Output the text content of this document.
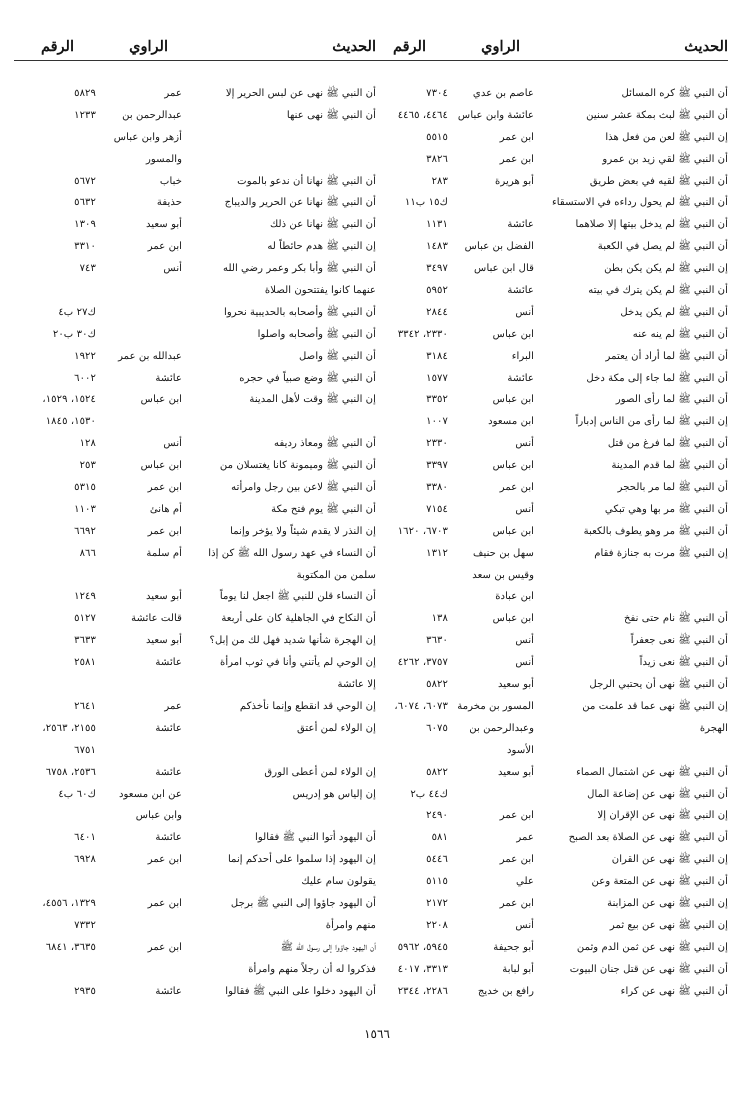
الحديث
الراوي
الرقم
أن النبي ﷺ كره المسائل
عاصم بن عدي
٧٣٠٤
أن النبي ﷺ لبث بمكة عشر سنين
عائشة وابن عباس
٤٤٦٤، ٤٤٦٥
إن النبي ﷺ لعن من فعل هذا
ابن عمر
٥٥١٥
أن النبي ﷺ لقي زيد بن عمرو
ابن عمر
٣٨٢٦
أن النبي ﷺ لقيه في بعض طريق
أبو هريرة
٢٨٣
أن النبي ﷺ لم يحول رداءه في الاستسقاء
ك١٥ ب١١
أن النبي ﷺ لم يدخل بيتها إلا صلاهما
عائشة
١١٣١
أن النبي ﷺ لم يصل في الكعبة
الفضل بن عباس
١٤٨٣
إن النبي ﷺ لم يكن يكن بطن
قال ابن عباس
٣٤٩٧
أن النبي ﷺ لم يكن يترك في بيته
عائشة
٥٩٥٢
أن النبي ﷺ لم يكن يدخل
أنس
٢٨٤٤
أن النبي ﷺ لم ينه عنه
ابن عباس
٢٣٣٠، ٣٣٤٢
أن النبي ﷺ لما أراد أن يعتمر
البراء
٣١٨٤
أن النبي ﷺ لما جاء إلى مكة دخل
عائشة
١٥٧٧
أن النبي ﷺ لما رأى الصور
ابن عباس
٣٣٥٢
إن النبي ﷺ لما رأى من الناس إدباراً
ابن مسعود
١٠٠٧
أن النبي ﷺ لما فرغ من قتل
أنس
٢٣٣٠
أن النبي ﷺ لما قدم المدينة
ابن عباس
٣٣٩٧
أن النبي ﷺ لما مر بالحجر
ابن عمر
٣٣٨٠
أن النبي ﷺ مر بها وهي تبكي
أنس
٧١٥٤
أن النبي ﷺ مر وهو يطوف بالكعبة
ابن عباس
٦٧٠٣، ١٦٢٠
إن النبي ﷺ مرت به جنازة فقام
سهل بن حنيف
١٣١٢
وقيس بن سعد
ابن عبادة
أن النبي ﷺ نام حتى نفخ
ابن عباس
١٣٨
أن النبي ﷺ نعى جعفراً
أنس
٣٦٣٠
أن النبي ﷺ نعى زيداً
أنس
٣٧٥٧، ٤٢٦٢
أن النبي ﷺ نهى أن يحتبي الرجل
أبو سعيد
٥٨٢٢
إن النبي ﷺ نهى عما قد علمت من
المسور بن مخرمة
٦٠٧٣، ٦٠٧٤،
الهجرة
وعبدالرحمن بن
٦٠٧٥
الأسود
أن النبي ﷺ نهى عن اشتمال الصماء
أبو سعيد
٥٨٢٢
أن النبي ﷺ نهى عن إضاعة المال
ك٤٤ ب٢
إن النبي ﷺ نهى عن الإقران إلا
ابن عمر
٢٤٩٠
أن النبي ﷺ نهى عن الصلاة بعد الصبح
عمر
٥٨١
إن النبي ﷺ نهى عن القران
ابن عمر
٥٤٤٦
أن النبي ﷺ نهى عن المتعة وعن
علي
٥١١٥
إن النبي ﷺ نهى عن المزابنة
ابن عمر
٢١٧٢
إن النبي ﷺ نهى عن بيع ثمر
أنس
٢٢٠٨
إن النبي ﷺ نهى عن ثمن الدم وثمن
أبو جحيفة
٥٩٤٥، ٥٩٦٢
أن النبي ﷺ نهى عن قتل جنان البيوت
أبو لبابة
٣٣١٣، ٤٠١٧
أن النبي ﷺ نهى عن كراء
رافع بن خديج
٢٢٨٦، ٢٣٤٤
الحديث
الراوي
الرقم
أن النبي ﷺ نهى عن لبس الحرير إلا
عمر
٥٨٢٩
أن النبي ﷺ نهى عنها
عبدالرحمن بن
١٢٣٣
أزهر وابن عباس
والمسور
أن النبي ﷺ نهانا أن ندعو بالموت
خباب
٥٦٧٢
أن النبي ﷺ نهانا عن الحرير والديباج
حذيفة
٥٦٣٢
أن النبي ﷺ نهانا عن ذلك
أبو سعيد
١٣٠٩
إن النبي ﷺ هدم حائطاً له
ابن عمر
٣٣١٠
أن النبي ﷺ وأبا بكر وعمر رضي الله
أنس
٧٤٣
عنهما كانوا يفتتحون الصلاة
أن النبي ﷺ وأصحابه بالحديبية نحروا
ك٢٧ ب٤
أن النبي ﷺ وأصحابه واصلوا
ك٣٠ ب٢٠
أن النبي ﷺ واصل
عبدالله بن عمر
١٩٢٢
أن النبي ﷺ وضع صبياً في حجره
عائشة
٦٠٠٢
إن النبي ﷺ وقت لأهل المدينة
ابن عباس
١٥٢٤، ١٥٢٩،
١٥٣٠، ١٨٤٥
أن النبي ﷺ ومعاذ رديفه
أنس
١٢٨
أن النبي ﷺ وميمونة كانا يغتسلان من
ابن عباس
٢٥٣
أن النبي ﷺ لاعن بين رجل وامرأته
ابن عمر
٥٣١٥
أن النبي ﷺ يوم فتح مكة
أم هانئ
١١٠٣
إن النذر لا يقدم شيئاً ولا يؤخر وإنما
ابن عمر
٦٦٩٢
أن النساء في عهد رسول الله ﷺ كن إذا
أم سلمة
٨٦٦
سلمن من المكتوبة
أن النساء قلن للنبي ﷺ اجعل لنا يوماً
أبو سعيد
١٢٤٩
أن النكاح في الجاهلية كان على أربعة
قالت عائشة
٥١٢٧
إن الهجرة شأنها شديد فهل لك من إبل؟
أبو سعيد
٣٦٣٣
إن الوحي لم يأتني وأنا في ثوب امرأة
عائشة
٢٥٨١
إلا عائشة
إن الوحي قد انقطع وإنما نأخذكم
عمر
٢٦٤١
إن الولاء لمن أعتق
عائشة
٢١٥٥، ٢٥٦٣،
٦٧٥١
إن الولاء لمن أعطى الورق
عائشة
٢٥٣٦، ٦٧٥٨
إن إلياس هو إدريس
عن ابن مسعود
ك٦٠ ب٤
وابن عباس
أن اليهود أتوا النبي ﷺ فقالوا
عائشة
٦٤٠١
إن اليهود إذا سلموا على أحدكم إنما
ابن عمر
٦٩٢٨
يقولون سام عليك
أن اليهود جاؤوا إلى النبي ﷺ برجل
ابن عمر
١٣٢٩، ٤٥٥٦،
منهم وامرأة
٧٣٣٢
أن اليهود جاؤوا إلى رسول الله ﷺ
ابن عمر
٣٦٣٥، ٦٨٤١
فذكروا له أن رجلاً منهم وامرأة
أن اليهود دخلوا على النبي ﷺ فقالوا
عائشة
٢٩٣٥
١٥٦٦
